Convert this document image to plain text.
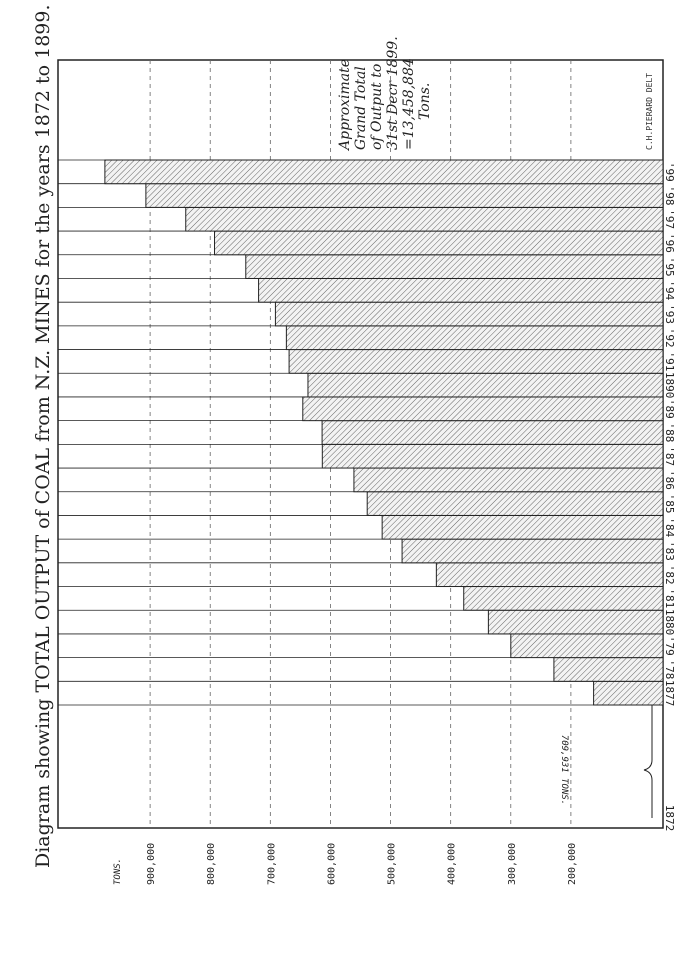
Diagram showing TOTAL OUTPUT of COAL from N.Z. MINES for the years 1872 to 1899.	Approximate Grand Total of Output to 31st Decr 1899. =13,458,884 Tons.	C.H.PIERARD DELT
TONS.
709,931 TONS.
200,000
300,000
400,000
500,000
600,000
700,000
800,000
900,000
1877
'78
'79
1880
'81
'82
'83
'84
'85
'86
'87
'88
'89
1890
'91
'92
'93
'94
'95
'96
'97
'98
'99
1872
